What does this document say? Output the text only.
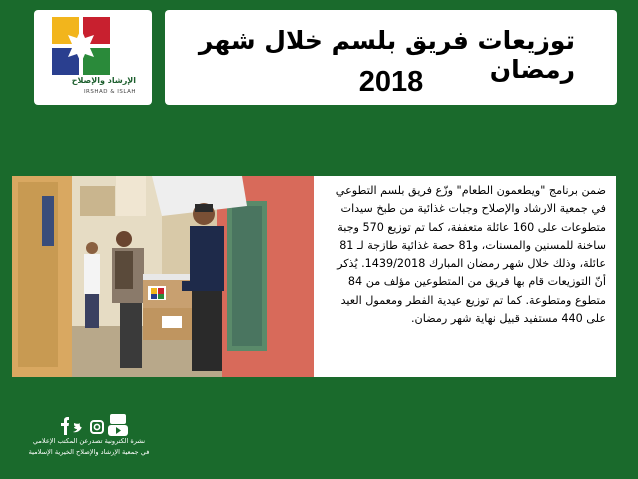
الإرشاد والإصلاح
IRSHAD & ISLAH
توزيعات فريق بلسم خلال شهر رمضان
2018
ضمن برنامج "ويطعمون الطعام" وزّع فريق بلسم التطوعي في جمعية الارشاد والإصلاح وجبات غذائية من طبخ سيدات متطوعات على 160 عائلة متعففة، كما تم توزيع 570 وجبة ساخنة للمسنين والمسنات، و81 حصة غذائية طازجة لـ 81 عائلة، وذلك خلال شهر رمضان المبارك 1439/2018. يُذكر أنّ التوزيعات قام بها فريق من المتطوعين مؤلف من 84 متطوع ومتطوعة. كما تم توزيع عيدية الفطر ومعمول العيد على 440 مستفيد قبيل نهاية شهر رمضان.
نشرة الكترونية تصدرعن المكتب الإعلامي
في جمعية الإرشاد والإصلاح الخيرية الإسلامية
